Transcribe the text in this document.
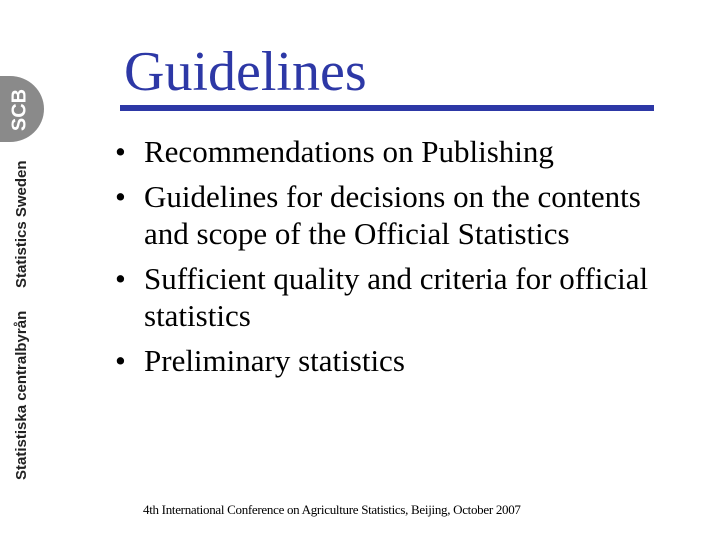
SCB
Statistics Sweden
Statistiska centralbyrån
Guidelines
• Recommendations on Publishing
• Guidelines for decisions on the contents and scope of the Official Statistics
• Sufficient quality and criteria for official statistics
• Preliminary statistics
4th International Conference on Agriculture Statistics, Beijing, October 2007
